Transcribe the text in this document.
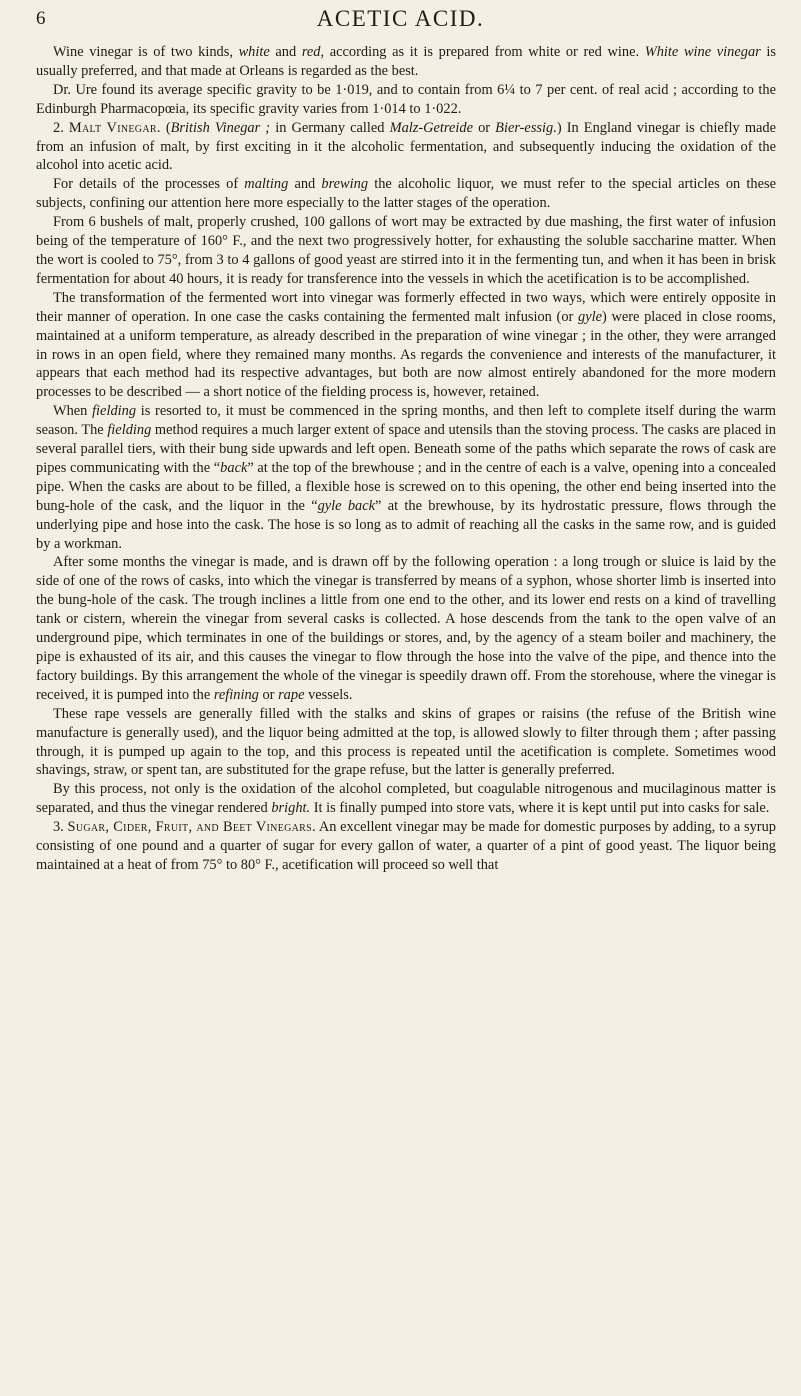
6	ACETIC ACID.

Wine vinegar is of two kinds, white and red, according as it is prepared from white or red wine. White wine vinegar is usually preferred, and that made at Orleans is regarded as the best.

Dr. Ure found its average specific gravity to be 1·019, and to contain from 6¼ to 7 per cent. of real acid ; according to the Edinburgh Pharmacopœia, its specific gravity varies from 1·014 to 1·022.

2. Malt Vinegar. (British Vinegar ; in Germany called Malz-Getreide or Bier-essig.) In England vinegar is chiefly made from an infusion of malt, by first exciting in it the alcoholic fermentation, and subsequently inducing the oxidation of the alcohol into acetic acid.

For details of the processes of malting and brewing the alcoholic liquor, we must refer to the special articles on these subjects, confining our attention here more especially to the latter stages of the operation.

From 6 bushels of malt, properly crushed, 100 gallons of wort may be extracted by due mashing, the first water of infusion being of the temperature of 160° F., and the next two progressively hotter, for exhausting the soluble saccharine matter. When the wort is cooled to 75°, from 3 to 4 gallons of good yeast are stirred into it in the fermenting tun, and when it has been in brisk fermentation for about 40 hours, it is ready for transference into the vessels in which the acetification is to be accomplished.

The transformation of the fermented wort into vinegar was formerly effected in two ways, which were entirely opposite in their manner of operation. In one case the casks containing the fermented malt infusion (or gyle) were placed in close rooms, maintained at a uniform temperature, as already described in the preparation of wine vinegar ; in the other, they were arranged in rows in an open field, where they remained many months. As regards the convenience and interests of the manufacturer, it appears that each method had its respective advantages, but both are now almost entirely abandoned for the more modern processes to be described — a short notice of the fielding process is, however, retained.

When fielding is resorted to, it must be commenced in the spring months, and then left to complete itself during the warm season. The fielding method requires a much larger extent of space and utensils than the stoving process. The casks are placed in several parallel tiers, with their bung side upwards and left open. Beneath some of the paths which separate the rows of cask are pipes communicating with the “back” at the top of the brewhouse ; and in the centre of each is a valve, opening into a concealed pipe. When the casks are about to be filled, a flexible hose is screwed on to this opening, the other end being inserted into the bung-hole of the cask, and the liquor in the “gyle back” at the brewhouse, by its hydrostatic pressure, flows through the underlying pipe and hose into the cask. The hose is so long as to admit of reaching all the casks in the same row, and is guided by a workman.

After some months the vinegar is made, and is drawn off by the following operation : a long trough or sluice is laid by the side of one of the rows of casks, into which the vinegar is transferred by means of a syphon, whose shorter limb is inserted into the bung-hole of the cask. The trough inclines a little from one end to the other, and its lower end rests on a kind of travelling tank or cistern, wherein the vinegar from several casks is collected. A hose descends from the tank to the open valve of an underground pipe, which terminates in one of the buildings or stores, and, by the agency of a steam boiler and machinery, the pipe is exhausted of its air, and this causes the vinegar to flow through the hose into the valve of the pipe, and thence into the factory buildings. By this arrangement the whole of the vinegar is speedily drawn off. From the storehouse, where the vinegar is received, it is pumped into the refining or rape vessels.

These rape vessels are generally filled with the stalks and skins of grapes or raisins (the refuse of the British wine manufacture is generally used), and the liquor being admitted at the top, is allowed slowly to filter through them ; after passing through, it is pumped up again to the top, and this process is repeated until the acetification is complete. Sometimes wood shavings, straw, or spent tan, are substituted for the grape refuse, but the latter is generally preferred.

By this process, not only is the oxidation of the alcohol completed, but coagulable nitrogenous and mucilaginous matter is separated, and thus the vinegar rendered bright. It is finally pumped into store vats, where it is kept until put into casks for sale.

3. Sugar, Cider, Fruit, and Beet Vinegars. An excellent vinegar may be made for domestic purposes by adding, to a syrup consisting of one pound and a quarter of sugar for every gallon of water, a quarter of a pint of good yeast. The liquor being maintained at a heat of from 75° to 80° F., acetification will proceed so well that
